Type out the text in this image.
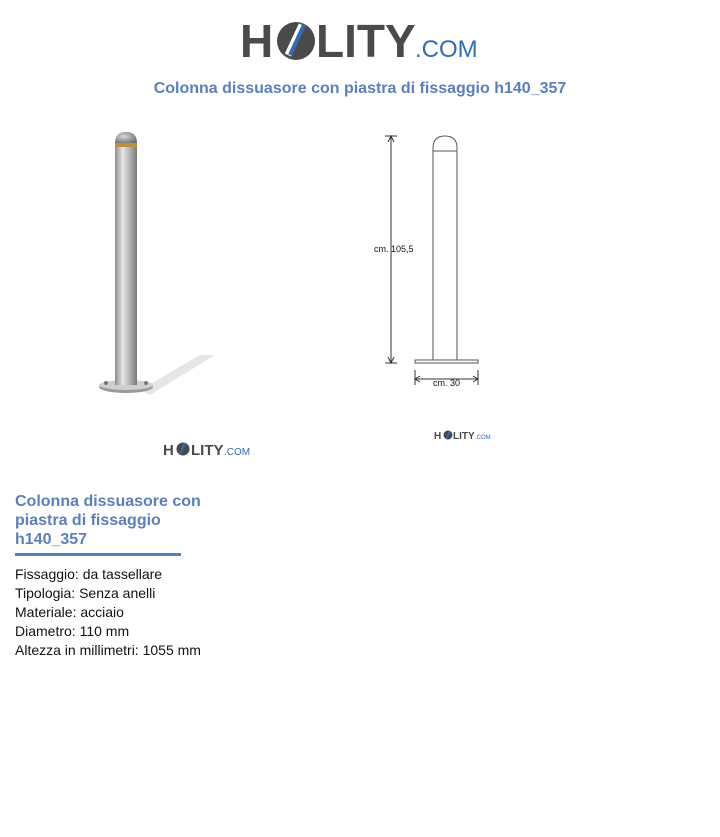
H LITY .COM
Colonna dissuasore con piastra di fissaggio h140_357
H LITY .COM
cm. 105,5
cm. 30
H LITY .COM
Colonna dissuasore con piastra di fissaggio h140_357
Fissaggio: da tassellare
Tipologia: Senza anelli
Materiale: acciaio
Diametro: 110 mm
Altezza in millimetri: 1055 mm
